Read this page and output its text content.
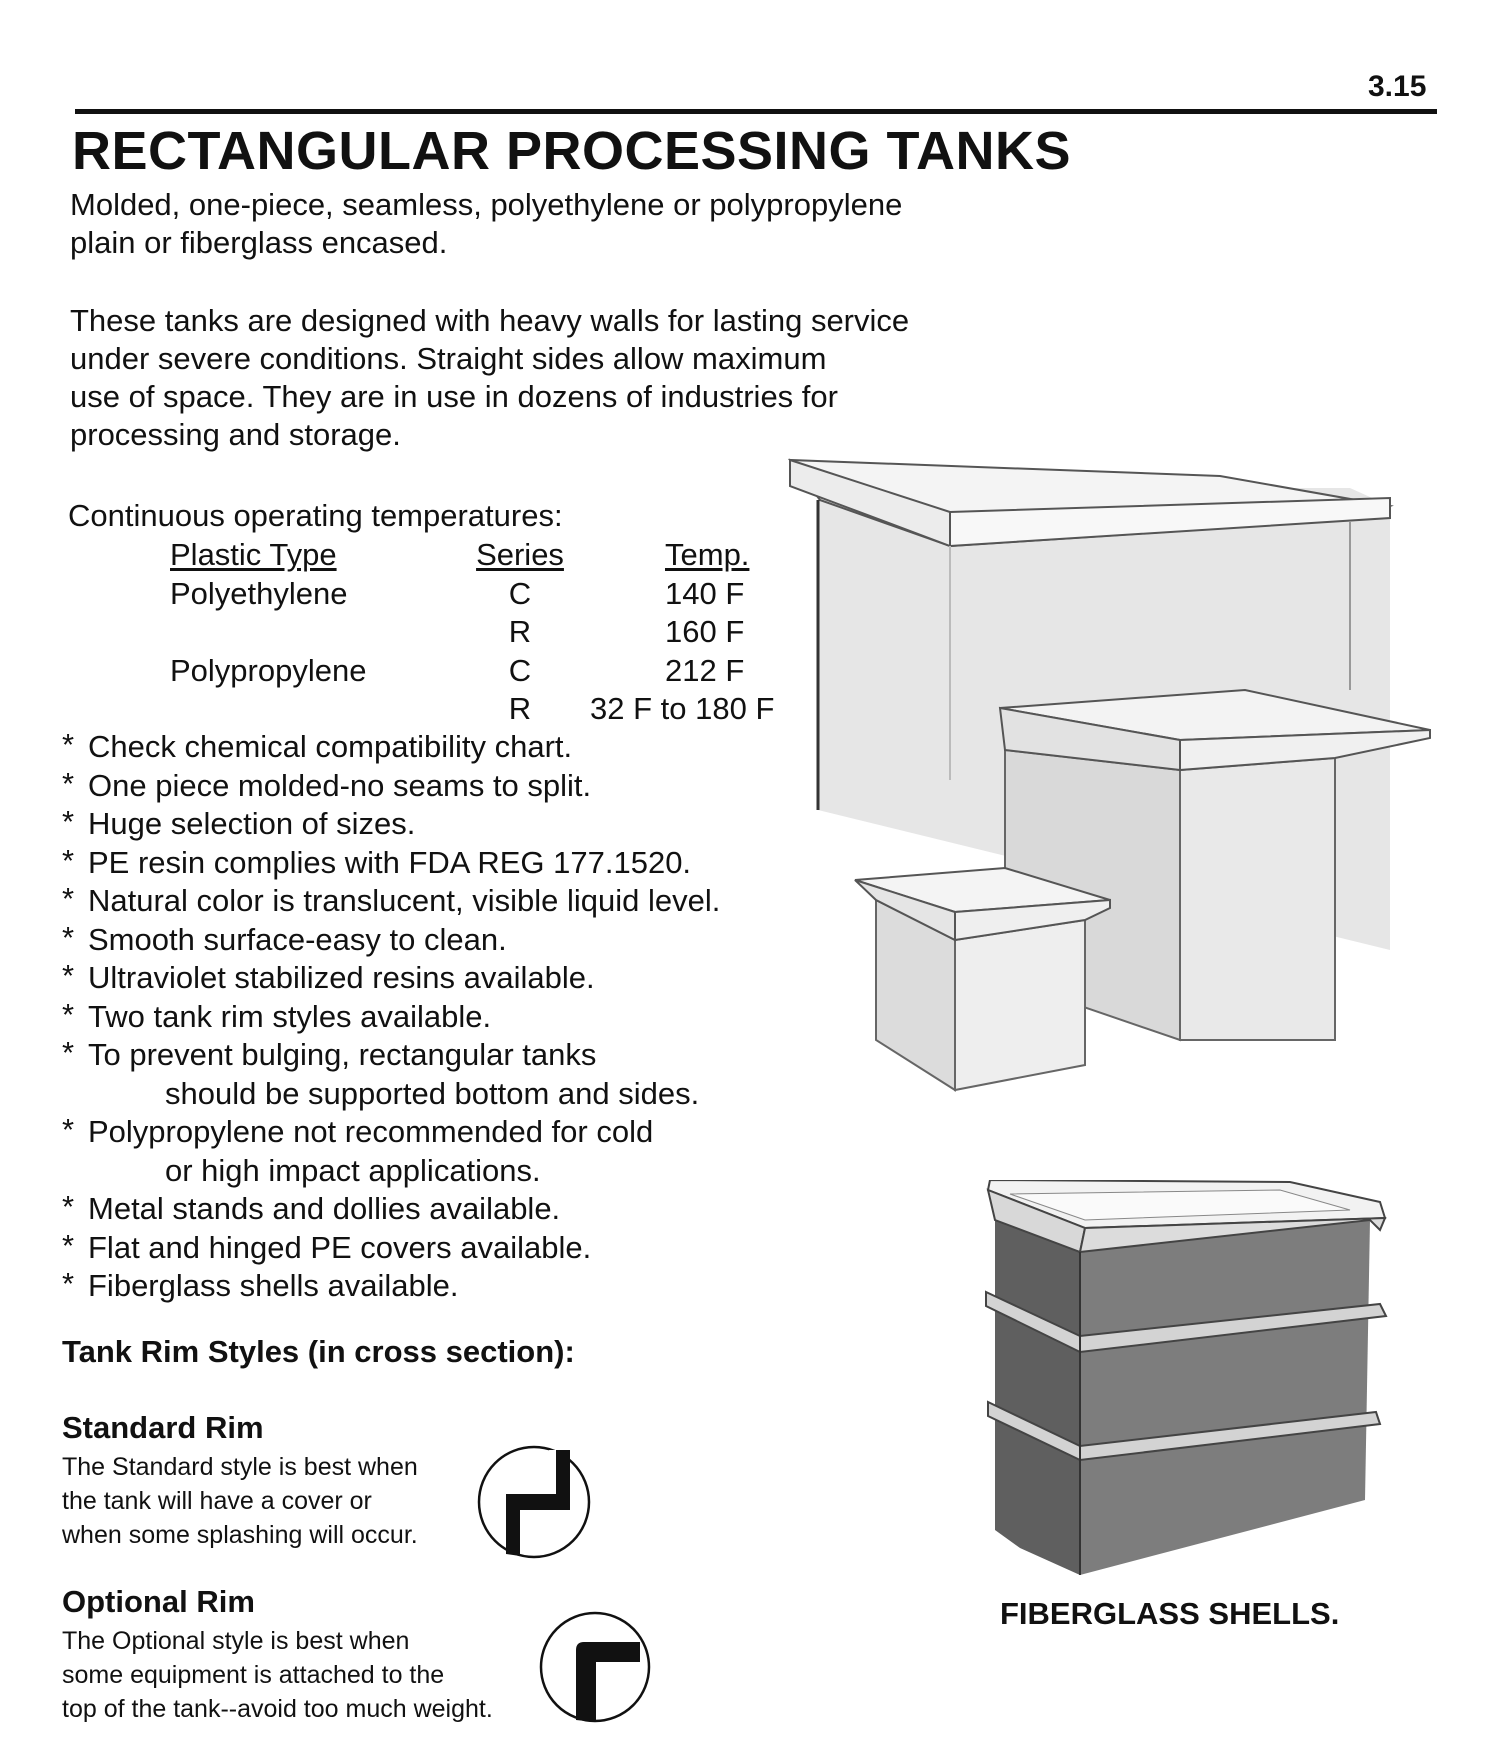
3.15
RECTANGULAR PROCESSING TANKS

Molded, one-piece, seamless, polyethylene or polypropylene
plain or fiberglass encased.

These tanks are designed with heavy walls for lasting service
under severe conditions. Straight sides allow maximum
use of space. They are in use in dozens of industries for
processing and storage.

Continuous operating temperatures:
	Plastic Type	Series	Temp.
	Polyethylene	C	140 F
		R	160 F
	Polypropylene	C	212 F
		R	32 F to 180 F
* Check chemical compatibility chart.
* One piece molded-no seams to split.
* Huge selection of sizes.
* PE resin complies with FDA REG 177.1520.
* Natural color is translucent, visible liquid level.
* Smooth surface-easy to clean.
* Ultraviolet stabilized resins available.
* Two tank rim styles available.
* To prevent bulging, rectangular tanks
should be supported bottom and sides.
* Polypropylene not recommended for cold
or high impact applications.
* Metal stands and dollies available.
* Flat and hinged PE covers available.
* Fiberglass shells available.
Tank Rim Styles (in cross section):
Standard Rim

The Standard style is best when
the tank will have a cover or
when some splashing will occur.

Optional Rim

The Optional style is best when
some equipment is attached to the
top of the tank--avoid too much weight.

FIBERGLASS SHELLS.
